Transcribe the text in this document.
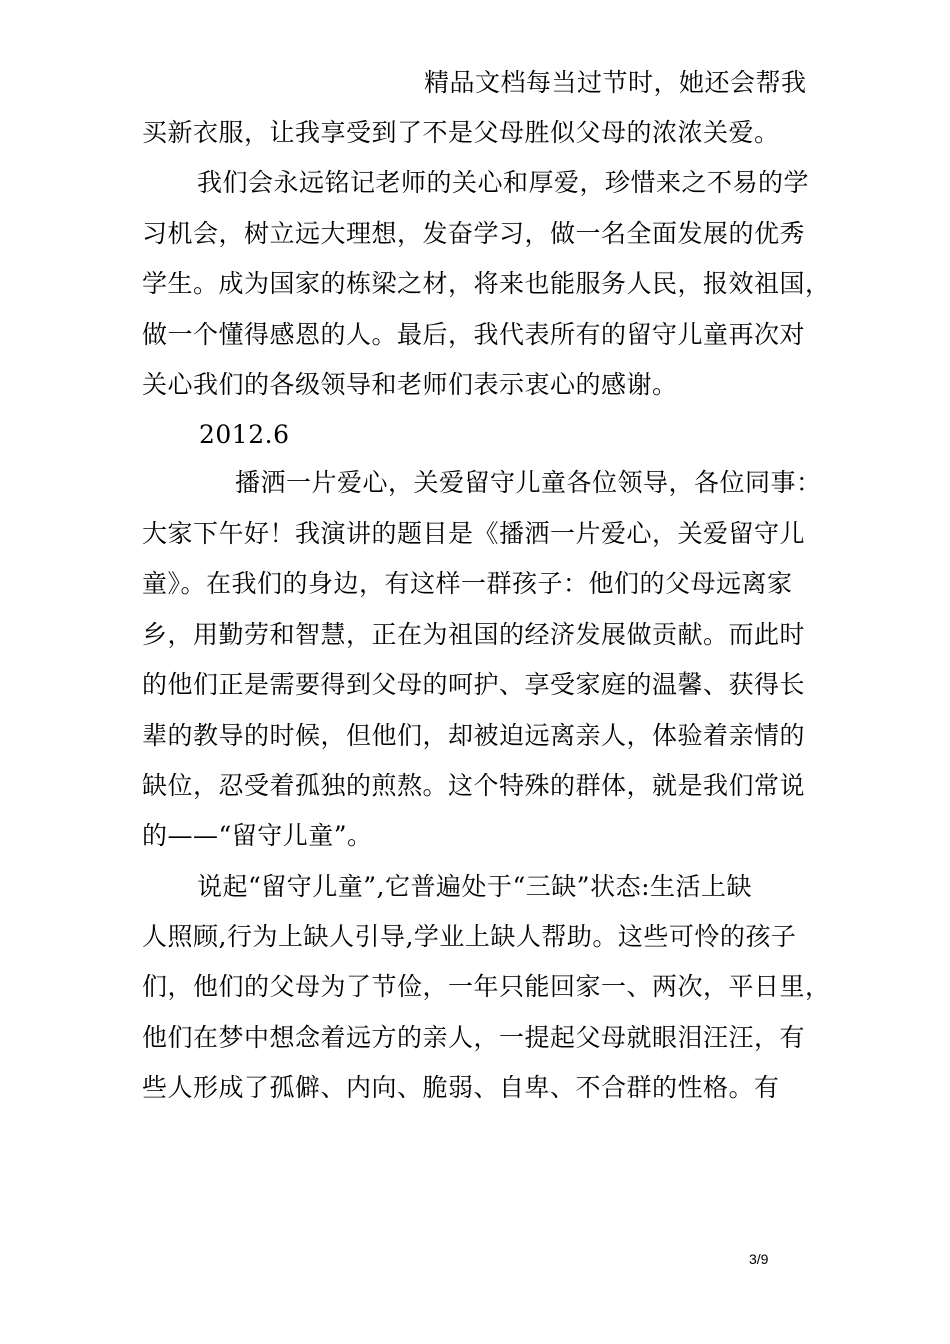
精品文档每当过节时，她还会帮我
买新衣服，让我享受到了不是父母胜似父母的浓浓关爱。
我们会永远铭记老师的关心和厚爱，珍惜来之不易的学
习机会，树立远大理想，发奋学习，做一名全面发展的优秀
学生。成为国家的栋梁之材，将来也能服务人民，报效祖国，
做一个懂得感恩的人。最后，我代表所有的留守儿童再次对
关心我们的各级领导和老师们表示衷心的感谢。
2012.6
播洒一片爱心，关爱留守儿童各位领导，各位同事：
大家下午好！我演讲的题目是《播洒一片爱心，关爱留守儿
童》。在我们的身边，有这样一群孩子：他们的父母远离家
乡，用勤劳和智慧，正在为祖国的经济发展做贡献。而此时
的他们正是需要得到父母的呵护、享受家庭的温馨、获得长
辈的教导的时候，但他们，却被迫远离亲人，体验着亲情的
缺位，忍受着孤独的煎熬。这个特殊的群体，就是我们常说
的——“留守儿童”。
说起“留守儿童”,它普遍处于“三缺”状态:生活上缺
人照顾,行为上缺人引导,学业上缺人帮助。这些可怜的孩子
们，他们的父母为了节俭，一年只能回家一、两次，平日里，
他们在梦中想念着远方的亲人，一提起父母就眼泪汪汪，有
些人形成了孤僻、内向、脆弱、自卑、不合群的性格。有
3/9
